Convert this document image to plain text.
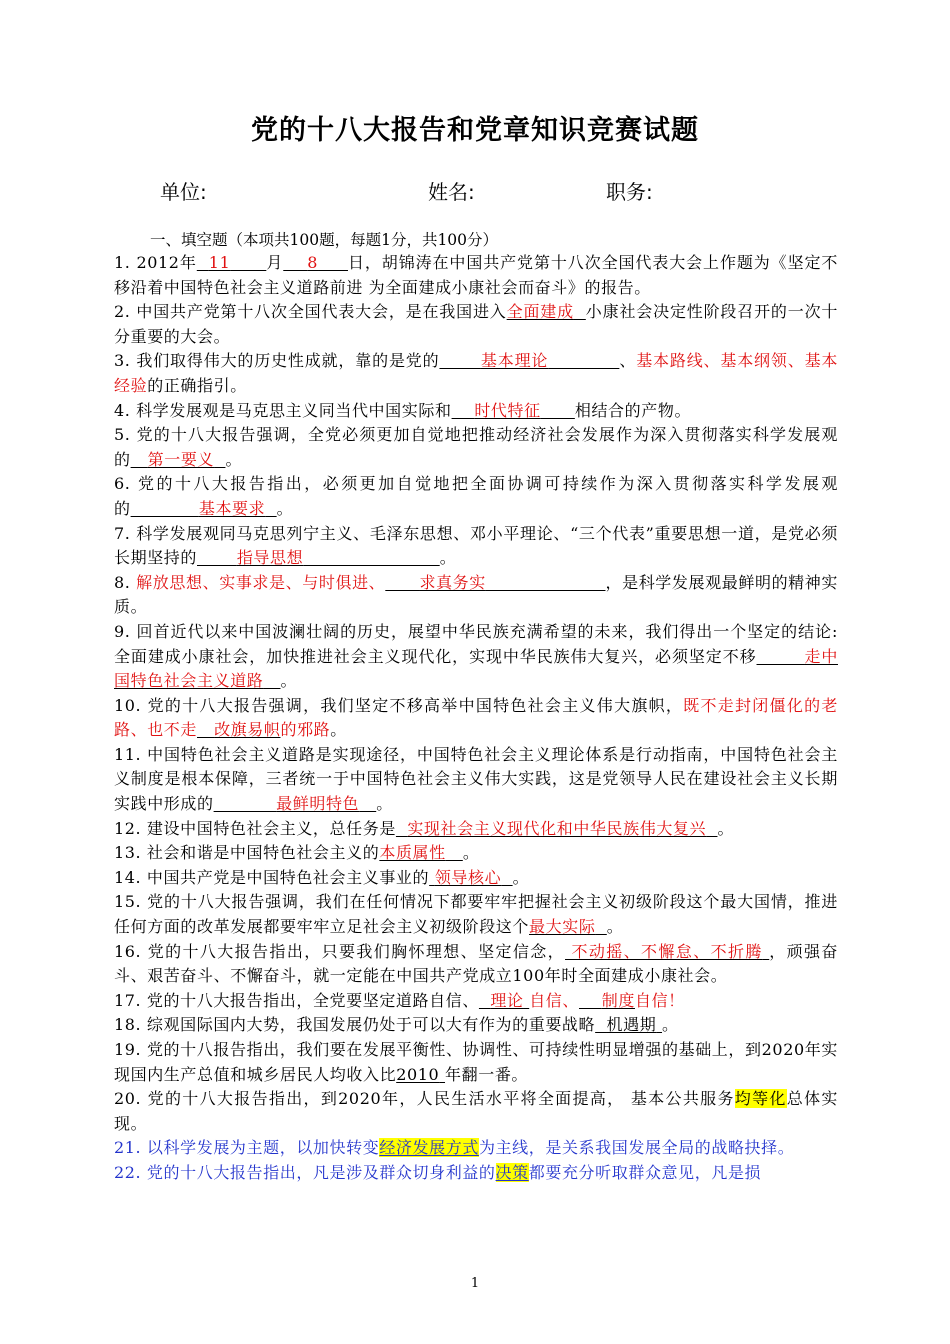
党的十八大报告和党章知识竞赛试题
单位:	姓名:	职务:
一、填空题（本项共100题，每题1分，共100分）

1. 2012年 11 月 8 日，胡锦涛在中国共产党第十八次全国代表大会上作题为《坚定不移沿着中国特色社会主义道路前进 为全面建成小康社会而奋斗》的报告。

2. 中国共产党第十八次全国代表大会，是在我国进入全面建成 小康社会决定性阶段召开的一次十分重要的大会。

3. 我们取得伟大的历史性成就，靠的是党的	基本理论	、基本路线、基本纲领、基本经验的正确指引。

4. 科学发展观是马克思主义同当代中国实际和 时代特征 相结合的产物。

5. 党的十八大报告强调，全党必须更加自觉地把推动经济社会发展作为深入贯彻落实科学发展观的 第一要义 。

6. 党的十八大报告指出，必须更加自觉地把全面协调可持续作为深入贯彻落实科学发展观的	基本要求 。

7. 科学发展观同马克思列宁主义、毛泽东思想、邓小平理论、“三个代表”重要思想一道，是党必须长期坚持的 指导思想	。

8. 解放思想、实事求是、与时俱进、 求真务实	，是科学发展观最鲜明的精神实质。

9. 回首近代以来中国波澜壮阔的历史，展望中华民族充满希望的未来，我们得出一个坚定的结论: 全面建成小康社会，加快推进社会主义现代化，实现中华民族伟大复兴，必须坚定不移	走中国特色社会主义道路 。

10. 党的十八大报告强调，我们坚定不移高举中国特色社会主义伟大旗帜，既不走封闭僵化的老路、也不走 改旗易帜的邪路。

11. 中国特色社会主义道路是实现途径，中国特色社会主义理论体系是行动指南，中国特色社会主义制度是根本保障，三者统一于中国特色社会主义伟大实践，这是党领导人民在建设社会主义长期实践中形成的	最鲜明特色 。

12. 建设中国特色社会主义，总任务是 实现社会主义现代化和中华民族伟大复兴 。

13. 社会和谐是中国特色社会主义的本质属性 。

14. 中国共产党是中国特色社会主义事业的 领导核心 。

15. 党的十八大报告强调，我们在任何情况下都要牢牢把握社会主义初级阶段这个最大国情，推进任何方面的改革发展都要牢牢立足社会主义初级阶段这个最大实际 。

16. 党的十八大报告指出，只要我们胸怀理想、坚定信念， 不动摇、不懈怠、不折腾 ，顽强奋斗、艰苦奋斗、不懈奋斗，就一定能在中国共产党成立100年时全面建成小康社会。

17. 党的十八大报告指出，全党要坚定道路自信、 理论 自信、 制度自信！

18. 综观国际国内大势，我国发展仍处于可以大有作为的重要战略 机遇期 。

19. 党的十八报告指出，我们要在发展平衡性、协调性、可持续性明显增强的基础上，到2020年实现国内生产总值和城乡居民人均收入比2010 年翻一番。

20. 党的十八大报告指出，到2020年，人民生活水平将全面提高， 基本公共服务均等化总体实现。

21. 以科学发展为主题，以加快转变经济发展方式为主线，是关系我国发展全局的战略抉择。

22. 党的十八大报告指出，凡是涉及群众切身利益的决策都要充分听取群众意见，凡是损

1
